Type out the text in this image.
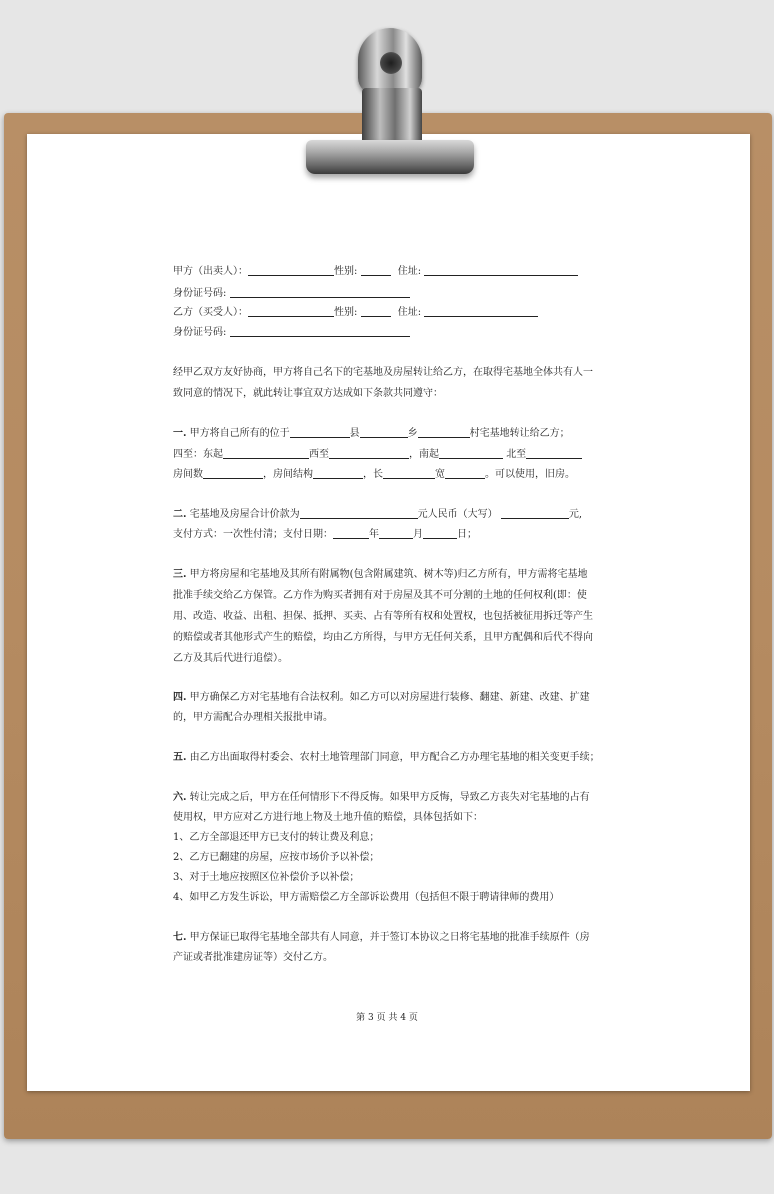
甲方（出卖人）：	性别:	住址:
身份证号码:
乙方（买受人）：	性别:	住址:
身份证号码:
经甲乙双方友好协商，甲方将自己名下的宅基地及房屋转让给乙方，在取得宅基地全体共有人一
致同意的情况下，就此转让事宜双方达成如下条款共同遵守：
一. 甲方将自己所有的位于	县	乡	村宅基地转让给乙方；
四至：东起	西至	，南起	北至
房间数	，房间结构	，长	宽	。可以使用，旧房。
二. 宅基地及房屋合计价款为	元人民币（大写）	元,
支付方式：一次性付清；支付日期：	年	月	日；
三. 甲方将房屋和宅基地及其所有附属物(包含附属建筑、树木等)归乙方所有，甲方需将宅基地
批准手续交给乙方保管。乙方作为购买者拥有对于房屋及其不可分割的土地的任何权利(即：使
用、改造、收益、出租、担保、抵押、买卖、占有等所有权和处置权，也包括被征用拆迁等产生
的赔偿或者其他形式产生的赔偿，均由乙方所得，与甲方无任何关系，且甲方配偶和后代不得向
乙方及其后代进行追偿）。
四. 甲方确保乙方对宅基地有合法权利。如乙方可以对房屋进行装修、翻建、新建、改建、扩建
的，甲方需配合办理相关报批申请。
五. 由乙方出面取得村委会、农村土地管理部门同意，甲方配合乙方办理宅基地的相关变更手续；
六. 转让完成之后，甲方在任何情形下不得反悔。如果甲方反悔，导致乙方丧失对宅基地的占有
使用权，甲方应对乙方进行地上物及土地升值的赔偿，具体包括如下：
1、乙方全部退还甲方已支付的转让费及利息；
2、乙方已翻建的房屋，应按市场价予以补偿；
3、对于土地应按照区位补偿价予以补偿；
4、如甲乙方发生诉讼，甲方需赔偿乙方全部诉讼费用（包括但不限于聘请律师的费用）
七. 甲方保证已取得宅基地全部共有人同意，并于签订本协议之日将宅基地的批准手续原件（房
产证或者批准建房证等）交付乙方。
第 3 页 共 4 页
